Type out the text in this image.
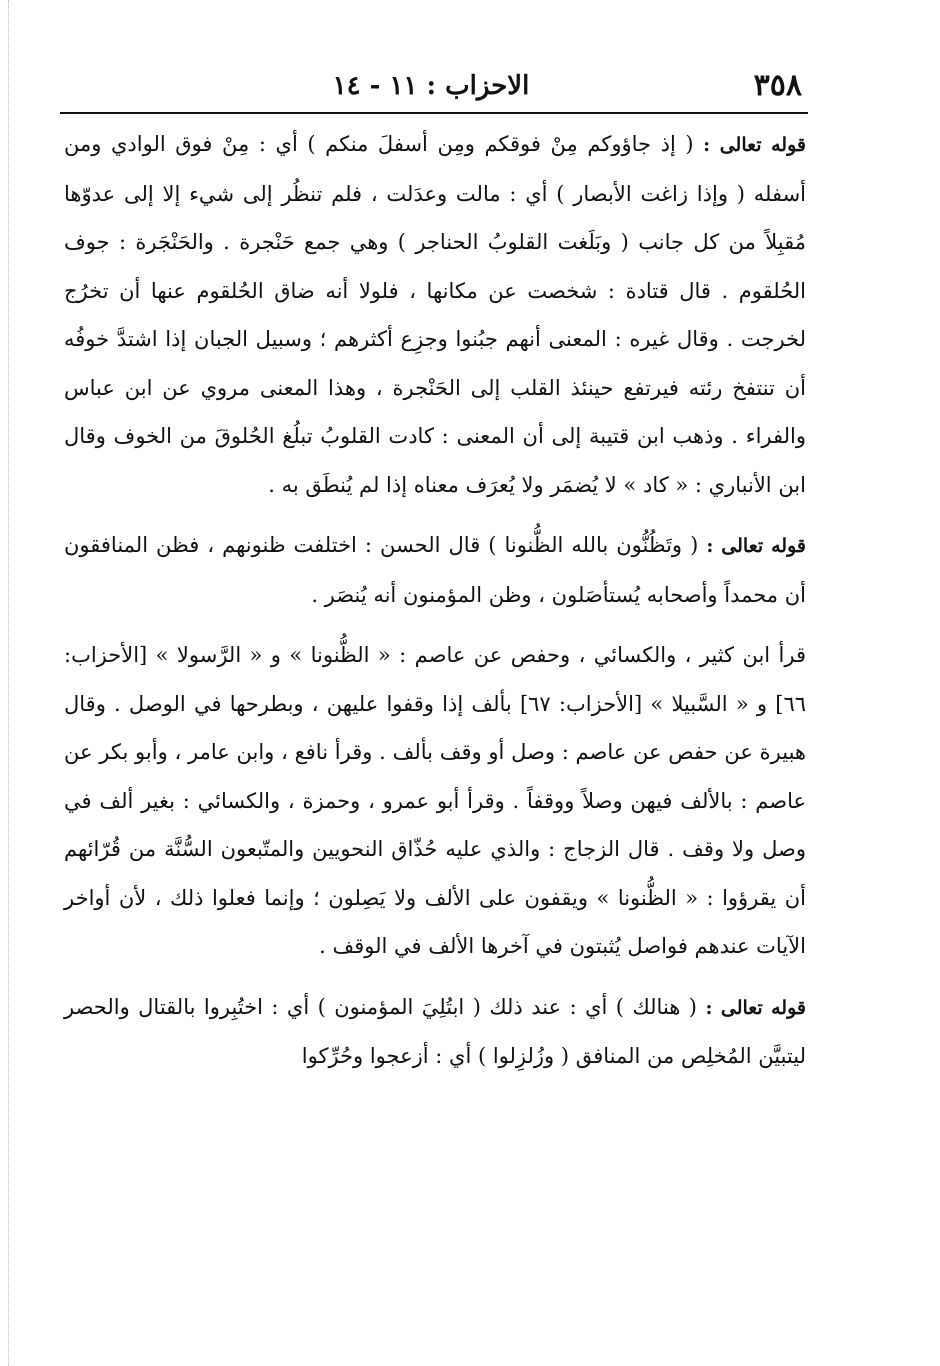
٣٥٨
الاحزاب : ١١ - ١٤

قوله تعالى : ( إذ جاؤوكم مِنْ فوقكم ومِن أسفلَ منكم ) أي : مِنْ فوق الوادي ومن أسفله ( وإذا زاغت الأبصار ) أي : مالت وعدَلت ، فلم تنظُر إلى شيء إلا إلى عدوّها مُقبِلاً من كل جانب ( وبَلَغت القلوبُ الحناجر ) وهي جمع حَنْجرة . والحَنْجَرة : جوف الحُلقوم . قال قتادة : شخصت عن مكانها ، فلولا أنه ضاق الحُلقوم عنها أن تخرُج لخرجت . وقال غيره : المعنى أنهم جبُنوا وجزِع أكثرهم ؛ وسبيل الجبان إذا اشتدَّ خوفُه أن تنتفخ رئته فيرتفع حينئذ القلب إلى الحَنْجرة ، وهذا المعنى مروي عن ابن عباس والفراء . وذهب ابن قتيبة إلى أن المعنى : كادت القلوبُ تبلُغ الحُلوقَ من الخوف وقال ابن الأنباري : « كاد » لا يُضمَر ولا يُعرَف معناه إذا لم يُنطَق به .

قوله تعالى : ( وتَظُنُّون بالله الظُّنونا ) قال الحسن : اختلفت ظنونهم ، فظن المنافقون أن محمداً وأصحابه يُستأصَلون ، وظن المؤمنون أنه يُنصَر .

قرأ ابن كثير ، والكسائي ، وحفص عن عاصم : « الظُّنونا » و « الرَّسولا » [الأحزاب: ٦٦] و « السَّبيلا » [الأحزاب: ٦٧] بألف إذا وقفوا عليهن ، وبطرحها في الوصل . وقال هبيرة عن حفص عن عاصم : وصل أو وقف بألف . وقرأ نافع ، وابن عامر ، وأبو بكر عن عاصم : بالألف فيهن وصلاً ووقفاً . وقرأ أبو عمرو ، وحمزة ، والكسائي : بغير ألف في وصل ولا وقف . قال الزجاج : والذي عليه حُذّاق النحويين والمتّبعون السُّنَّة من قُرّائهم أن يقرؤوا : « الظُّنونا » ويقفون على الألف ولا يَصِلون ؛ وإنما فعلوا ذلك ، لأن أواخر الآيات عندهم فواصل يُثبتون في آخرها الألف في الوقف .

قوله تعالى : ( هنالك ) أي : عند ذلك ( ابتُلِيَ المؤمنون ) أي : اختُبِروا بالقتال والحصر ليتبيَّن المُخلِص من المنافق ( وزُلزِلوا ) أي : أزعجوا وحُرِّكوا
